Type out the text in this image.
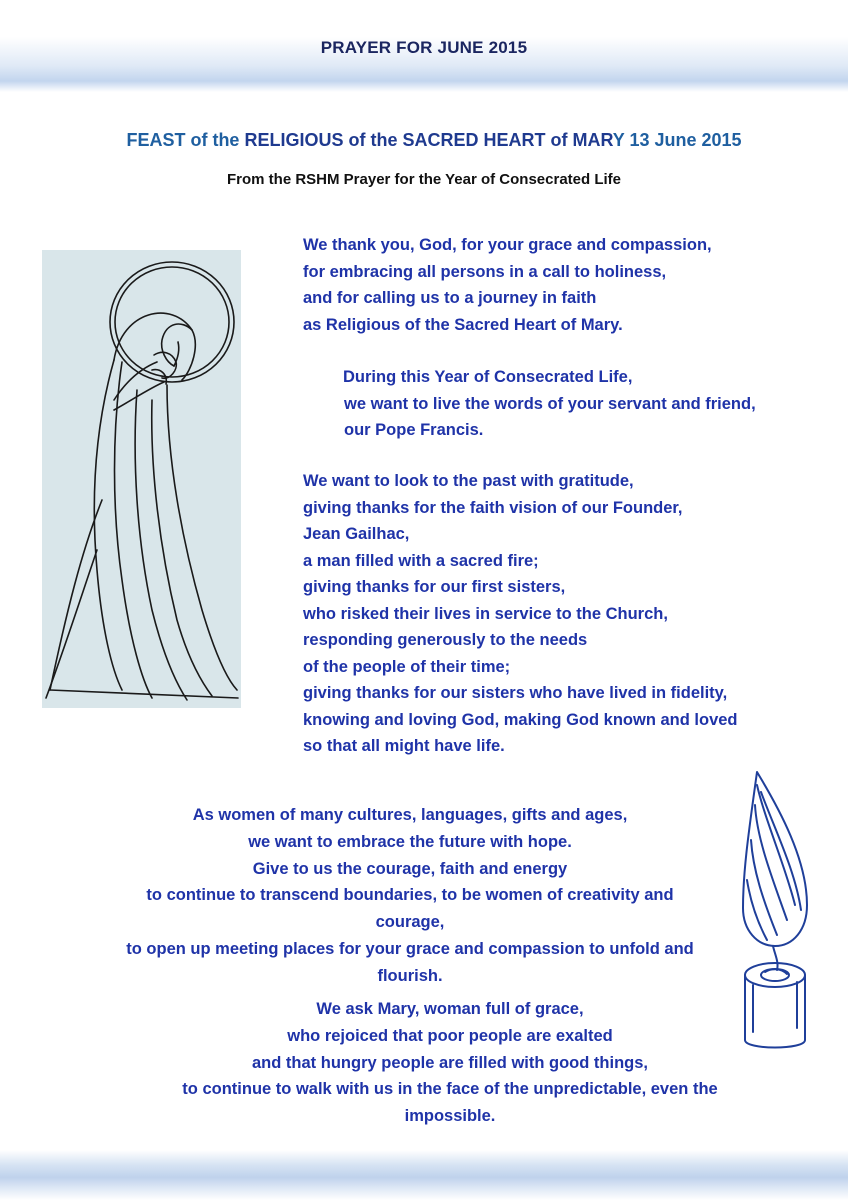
PRAYER FOR JUNE 2015
FEAST of the RELIGIOUS of the SACRED HEART of MARY 13 June 2015
From the RSHM Prayer for the Year of Consecrated Life
We thank you, God, for your grace and compassion,
for embracing all persons in a call to holiness,
and for calling us to a journey in faith
as Religious of the Sacred Heart of Mary.
During this Year of Consecrated Life,
we want to live the words of your servant and friend,
our Pope Francis.
We want to look to the past with gratitude,
giving thanks for the faith vision of our Founder,
Jean Gailhac,
a man filled with a sacred fire;
giving thanks for our first sisters,
who risked their lives in service to the Church,
responding generously to the needs
of the people of their time;
giving thanks for our sisters who have lived in fidelity,
knowing and loving God, making God known and loved
so that all might have life.
As women of many cultures, languages, gifts and ages,
we want to embrace the future with hope.
Give to us the courage, faith and energy
to continue to transcend boundaries, to be women of creativity and
courage,
to open up meeting places for your grace and compassion to unfold and
flourish.
We ask Mary, woman full of grace,
who rejoiced that poor people are exalted
and that hungry people are filled with good things,
to continue to walk with us in the face of the unpredictable, even the
impossible.
